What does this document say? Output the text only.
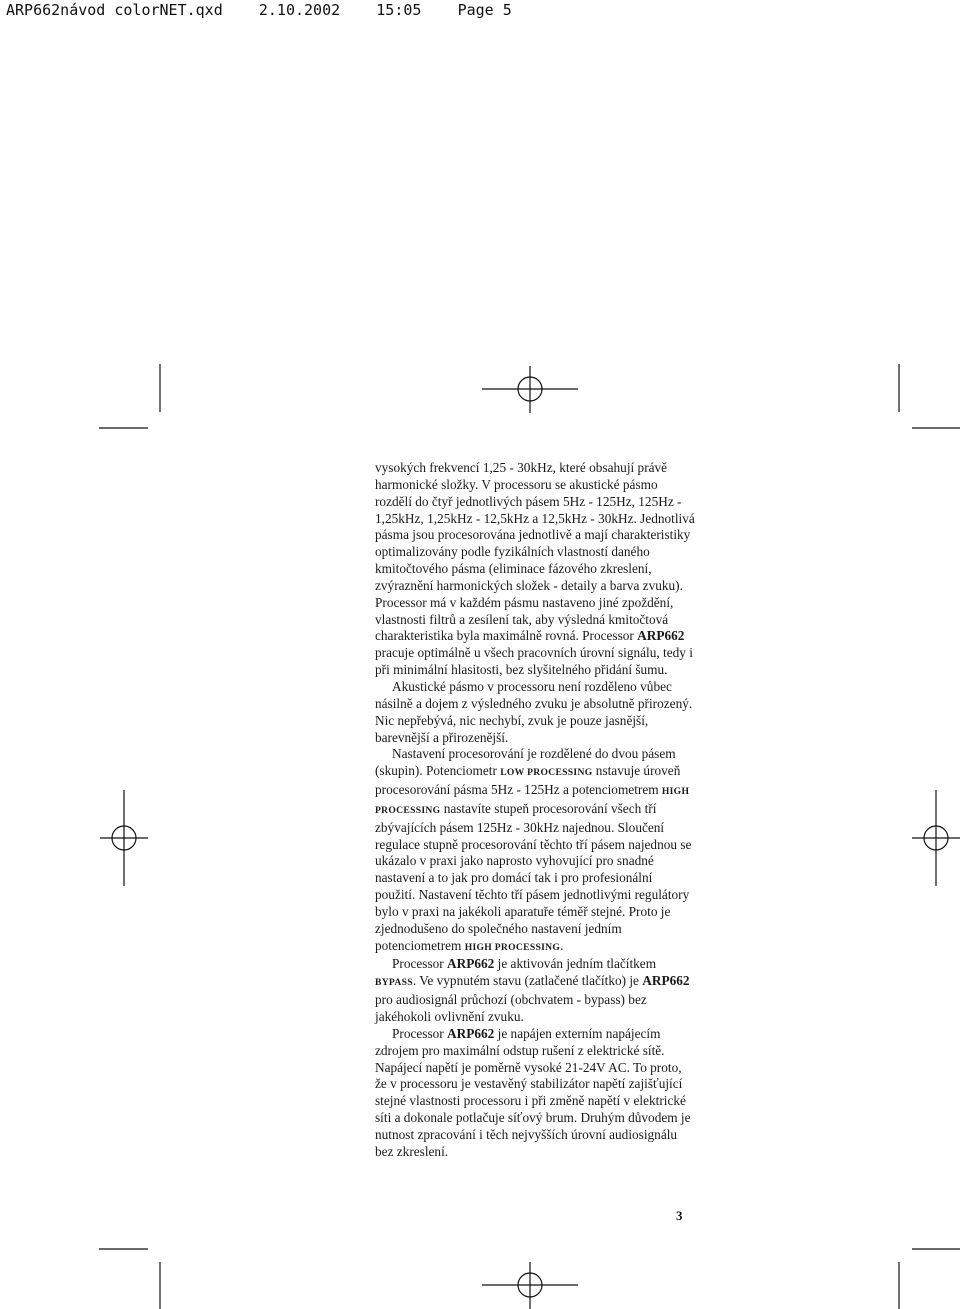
ARP662návod colorNET.qxd 2.10.2002 15:05 Page 5

vysokých frekvencí 1,25 - 30kHz, které obsahují právě harmonické složky. V processoru se akustické pásmo rozdělí do čtyř jednotlivých pásem 5Hz - 125Hz, 125Hz - 1,25kHz, 1,25kHz - 12,5kHz a 12,5kHz - 30kHz. Jednotlivá pásma jsou procesorována jednotlivě a mají charakteristiky optimalizovány podle fyzikálních vlastností daného kmitočtového pásma (eliminace fázového zkreslení, zvýraznění harmonických složek - detaily a barva zvuku). Processor má v každém pásmu nastaveno jiné zpoždění, vlastnosti filtrů a zesílení tak, aby výsledná kmitočtová charakteristika byla maximálně rovná. Processor ARP662 pracuje optimálně u všech pracovních úrovní signálu, tedy i při minimální hlasitosti, bez slyšitelného přidání šumu.

Akustické pásmo v processoru není rozděleno vůbec násilně a dojem z výsledného zvuku je absolutně přirozený. Nic nepřebývá, nic nechybí, zvuk je pouze jasnější, barevnější a přirozenější.

Nastavení procesorování je rozdělené do dvou pásem (skupin). Potenciometr LOW PROCESSING nstavuje úroveň procesorování pásma 5Hz - 125Hz a potenciometrem HIGH PROCESSING nastavíte stupeň procesorování všech tří zbývajících pásem 125Hz - 30kHz najednou. Sloučení regulace stupně procesorování těchto tří pásem najednou se ukázalo v praxi jako naprosto vyhovující pro snadné nastavení a to jak pro domácí tak i pro profesionální použití. Nastavení těchto tří pásem jednotlivými regulátory bylo v praxi na jakékoli aparatuře téměř stejné. Proto je zjednodušeno do společného nastavení jedním potenciometrem HIGH PROCESSING.

Processor ARP662 je aktivován jedním tlačítkem BYPASS. Ve vypnutém stavu (zatlačené tlačítko) je ARP662 pro audiosignál průchozí (obchvatem - bypass) bez jakéhokoli ovlivnění zvuku.

Processor ARP662 je napájen externím napájecím zdrojem pro maximální odstup rušení z elektrické sítě. Napájecí napětí je poměrně vysoké 21-24V AC. To proto, že v processoru je vestavěný stabilizátor napětí zajišťující stejné vlastnosti processoru i při změně napětí v elektrické síti a dokonale potlačuje síťový brum. Druhým důvodem je nutnost zpracování i těch nejvyšších úrovní audiosignálu bez zkreslení.

3
